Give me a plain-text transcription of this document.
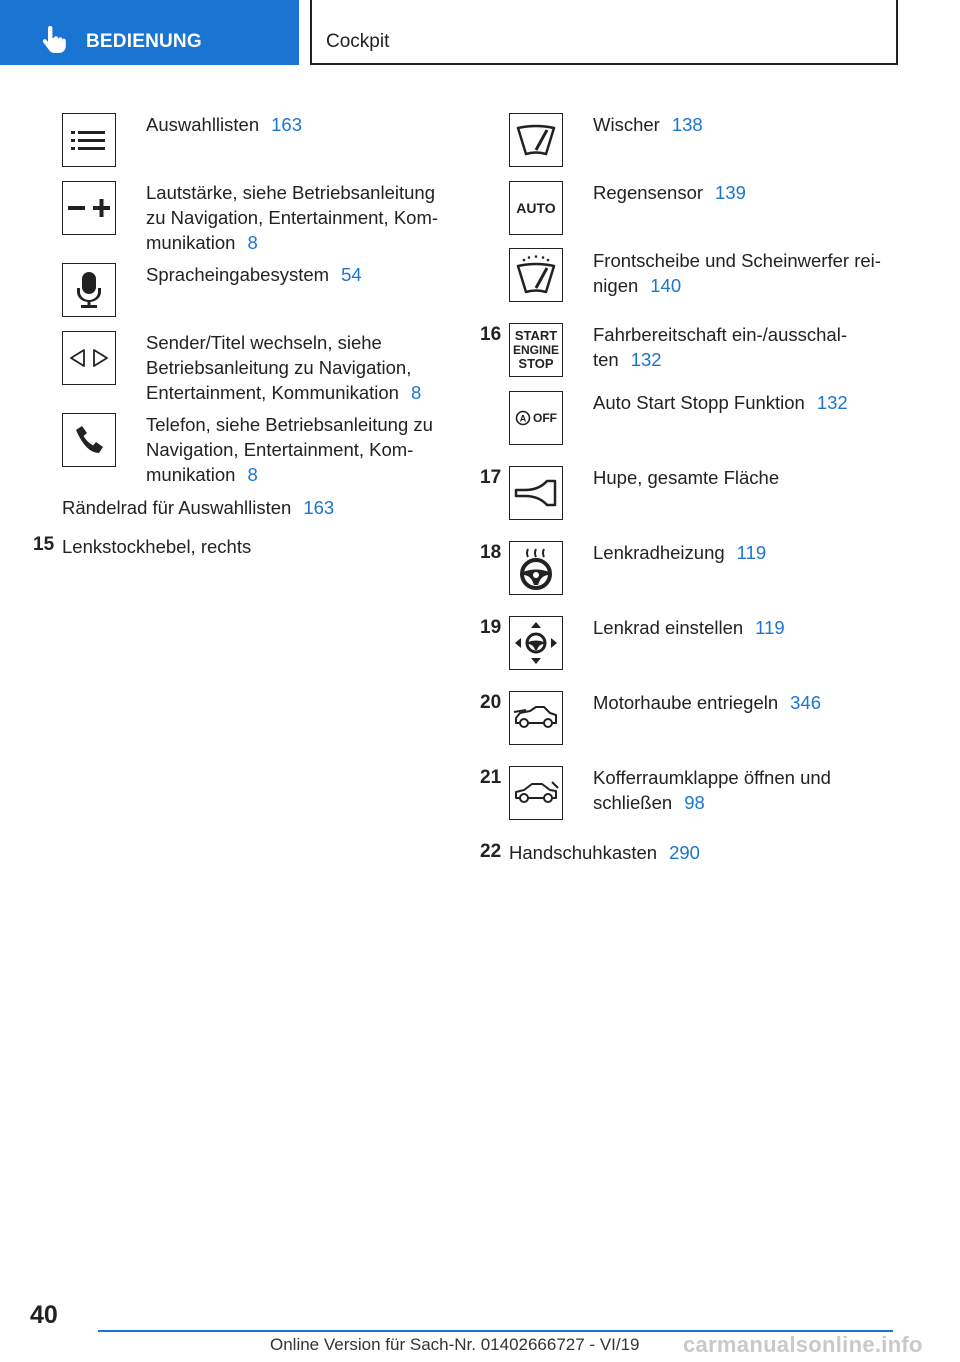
BEDIENUNG	Cockpit
Auswahllisten 163
Lautstärke, siehe Betriebsanleitung
zu Navigation, Entertainment, Kom-
munikation 8
Spracheingabesystem 54
Sender/Titel wechseln, siehe
Betriebsanleitung zu Navigation,
Entertainment, Kommunikation 8
Telefon, siehe Betriebsanleitung zu
Navigation, Entertainment, Kom-
munikation 8
Rändelrad für Auswahllisten 163
15 Lenkstockhebel, rechts
Wischer 138
AUTO
Regensensor 139
Frontscheibe und Scheinwerfer rei-
nigen 140
16 START
ENGINE
STOP
Fahrbereitschaft ein-/ausschal-
ten 132
A OFF
Auto Start Stopp Funktion 132
17	Hupe, gesamte Fläche
18	Lenkradheizung 119
19	Lenkrad einstellen 119
20	Motorhaube entriegeln 346
21	Kofferraumklappe öffnen und
schließen 98
22 Handschuhkasten 290
40
Online Version für Sach-Nr. 01402666727 - VI/19 carmanualsonline.info
